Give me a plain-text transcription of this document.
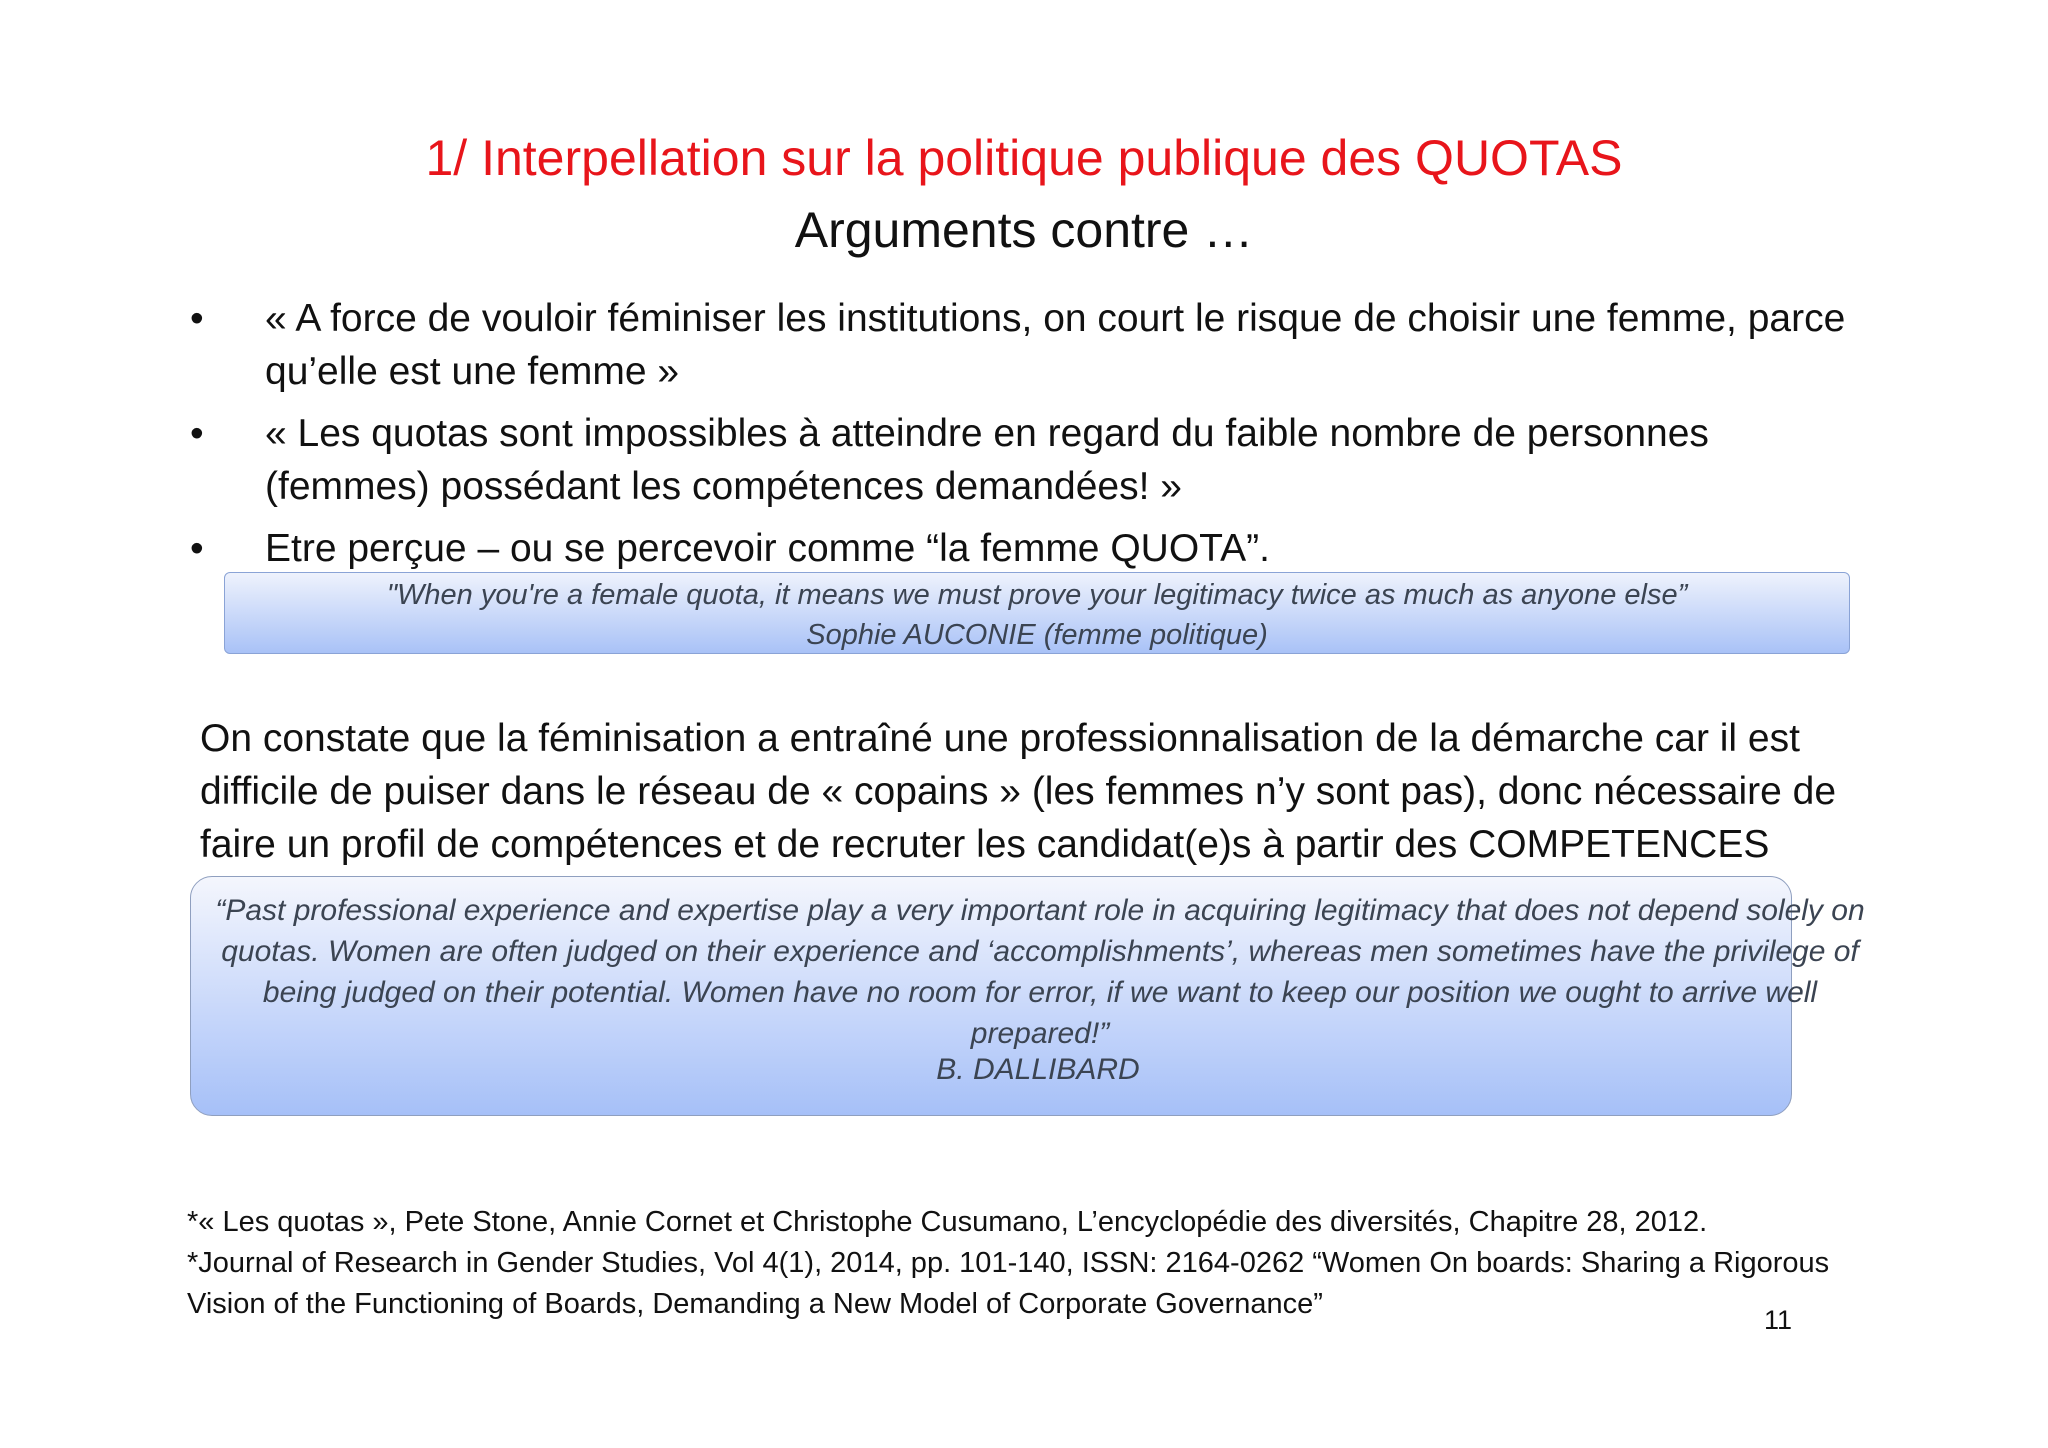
1/ Interpellation sur la politique publique des QUOTAS
Arguments contre …
• « A force de vouloir féminiser les institutions, on court le risque de choisir une femme, parce qu’elle est une femme »
• « Les quotas sont impossibles à atteindre en regard du faible nombre de personnes (femmes) possédant les compétences demandées! »
• Etre perçue – ou se percevoir comme “la femme QUOTA”.
"When you're a female quota, it means we must prove your legitimacy twice as much as anyone else”
Sophie AUCONIE (femme politique)
On constate que la féminisation a entraîné une professionnalisation de la démarche car il est difficile de puiser dans le réseau de « copains » (les femmes n’y sont pas), donc nécessaire de faire un profil de compétences et de recruter les candidat(e)s à partir des COMPETENCES
“Past professional experience and expertise play a very important role in acquiring legitimacy that does not depend solely on quotas. Women are often judged on their experience and ‘accomplishments’, whereas men sometimes have the privilege of being judged on their potential. Women have no room for error, if we want to keep our position we ought to arrive well prepared!”
B. DALLIBARD
*« Les quotas », Pete Stone, Annie Cornet et Christophe Cusumano, L’encyclopédie des diversités, Chapitre 28, 2012.
*Journal of Research in Gender Studies, Vol 4(1), 2014, pp. 101-140, ISSN: 2164-0262 “Women On boards: Sharing a Rigorous Vision of the Functioning of Boards, Demanding a New Model of Corporate Governance”	11
